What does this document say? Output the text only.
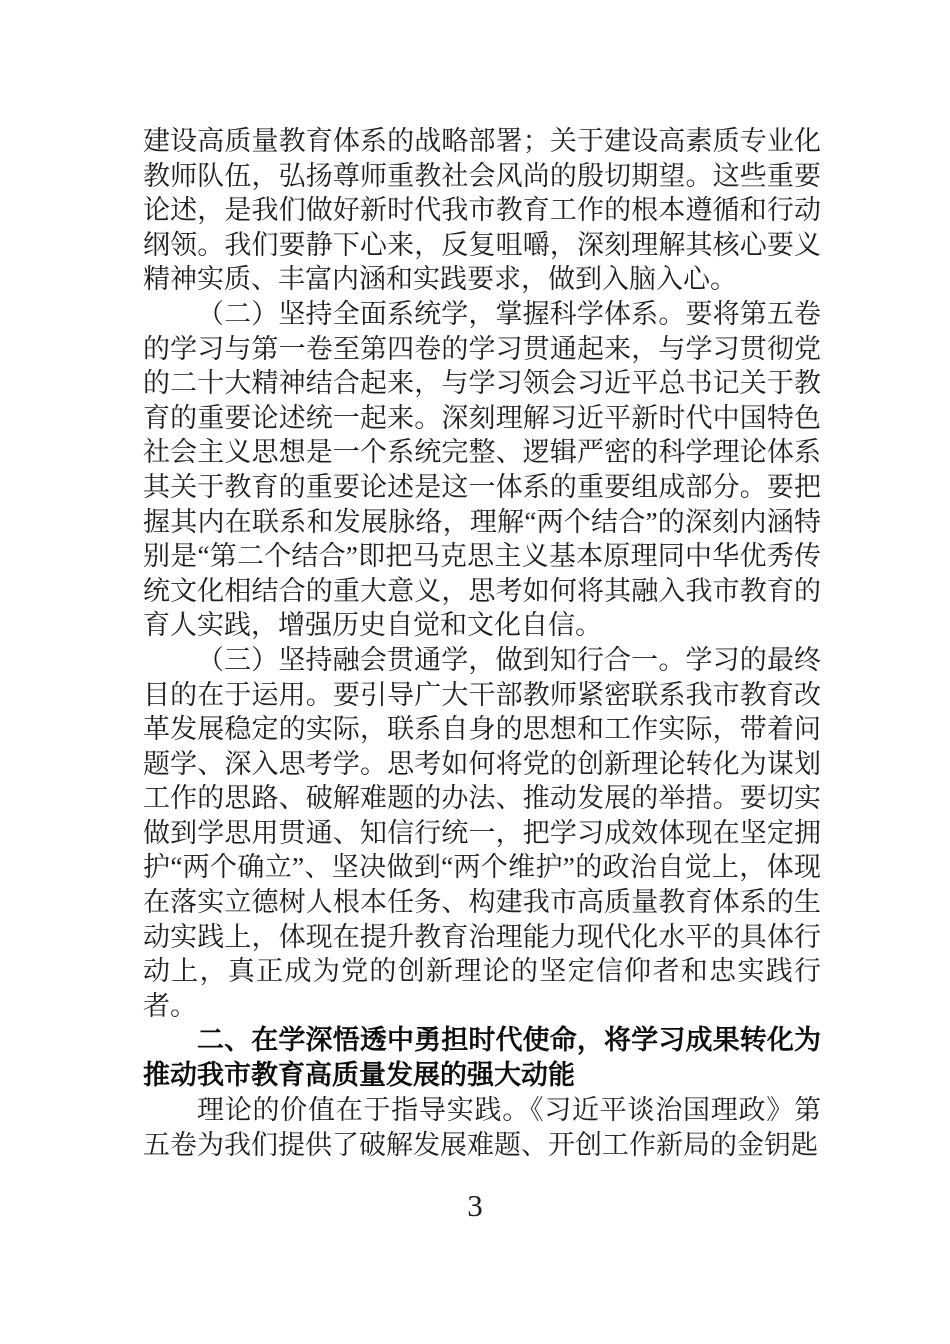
建设高质量教育体系的战略部署；关于建设高素质专业化教师队伍，弘扬尊师重教社会风尚的殷切期望。这些重要论述，是我们做好新时代我市教育工作的根本遵循和行动纲领。我们要静下心来，反复咀嚼，深刻理解其核心要义精神实质、丰富内涵和实践要求，做到入脑入心。

（二）坚持全面系统学，掌握科学体系。要将第五卷的学习与第一卷至第四卷的学习贯通起来，与学习贯彻党的二十大精神结合起来，与学习领会习近平总书记关于教育的重要论述统一起来。深刻理解习近平新时代中国特色社会主义思想是一个系统完整、逻辑严密的科学理论体系其关于教育的重要论述是这一体系的重要组成部分。要把握其内在联系和发展脉络，理解“两个结合”的深刻内涵特别是“第二个结合”即把马克思主义基本原理同中华优秀传统文化相结合的重大意义，思考如何将其融入我市教育的育人实践，增强历史自觉和文化自信。

（三）坚持融会贯通学，做到知行合一。学习的最终目的在于运用。要引导广大干部教师紧密联系我市教育改革发展稳定的实际，联系自身的思想和工作实际，带着问题学、深入思考学。思考如何将党的创新理论转化为谋划工作的思路、破解难题的办法、推动发展的举措。要切实做到学思用贯通、知信行统一，把学习成效体现在坚定拥护“两个确立”、坚决做到“两个维护”的政治自觉上，体现在落实立德树人根本任务、构建我市高质量教育体系的生动实践上，体现在提升教育治理能力现代化水平的具体行动上，真正成为党的创新理论的坚定信仰者和忠实践行者。

二、在学深悟透中勇担时代使命，将学习成果转化为推动我市教育高质量发展的强大动能

理论的价值在于指导实践。《习近平谈治国理政》第五卷为我们提供了破解发展难题、开创工作新局的金钥匙

3
